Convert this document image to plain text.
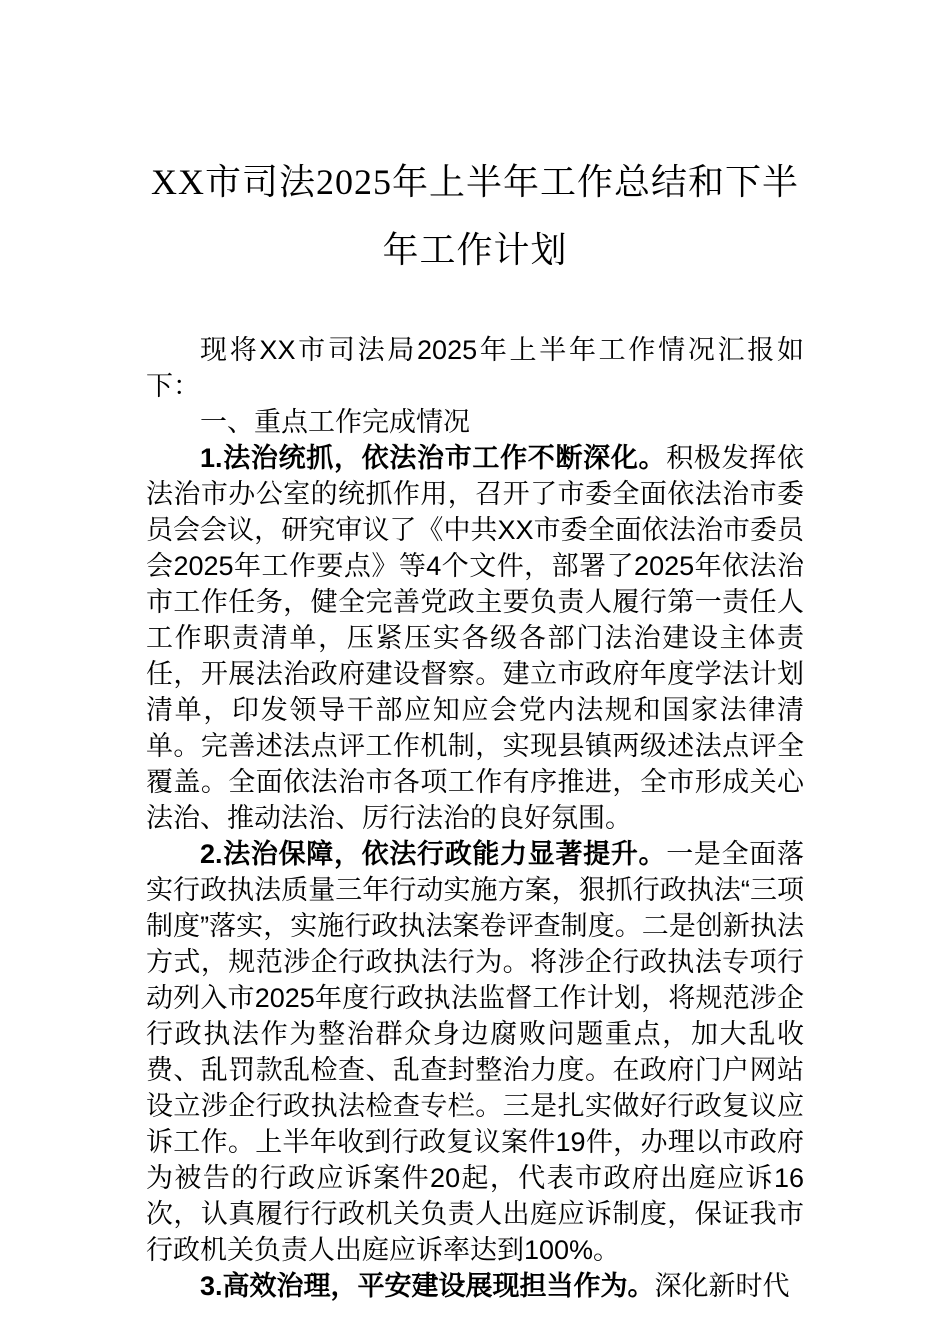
XX市司法2025年上半年工作总结和下半
年工作计划

现将XX市司法局2025年上半年工作情况汇报如下：

一、重点工作完成情况

1.法治统抓，依法治市工作不断深化。积极发挥依法治市办公室的统抓作用，召开了市委全面依法治市委员会会议，研究审议了《中共XX市委全面依法治市委员会2025年工作要点》等4个文件，部署了2025年依法治市工作任务，健全完善党政主要负责人履行第一责任人工作职责清单，压紧压实各级各部门法治建设主体责任，开展法治政府建设督察。建立市政府年度学法计划清单，印发领导干部应知应会党内法规和国家法律清单。完善述法点评工作机制，实现县镇两级述法点评全覆盖。全面依法治市各项工作有序推进，全市形成关心法治、推动法治、厉行法治的良好氛围。

2.法治保障，依法行政能力显著提升。一是全面落实行政执法质量三年行动实施方案，狠抓行政执法“三项制度”落实，实施行政执法案卷评查制度。二是创新执法方式，规范涉企行政执法行为。将涉企行政执法专项行动列入市2025年度行政执法监督工作计划，将规范涉企行政执法作为整治群众身边腐败问题重点，加大乱收费、乱罚款乱检查、乱查封整治力度。在政府门户网站设立涉企行政执法检查专栏。三是扎实做好行政复议应诉工作。上半年收到行政复议案件19件，办理以市政府为被告的行政应诉案件20起，代表市政府出庭应诉16次，认真履行行政机关负责人出庭应诉制度，保证我市行政机关负责人出庭应诉率达到100%。

3.高效治理，平安建设展现担当作为。深化新时代
